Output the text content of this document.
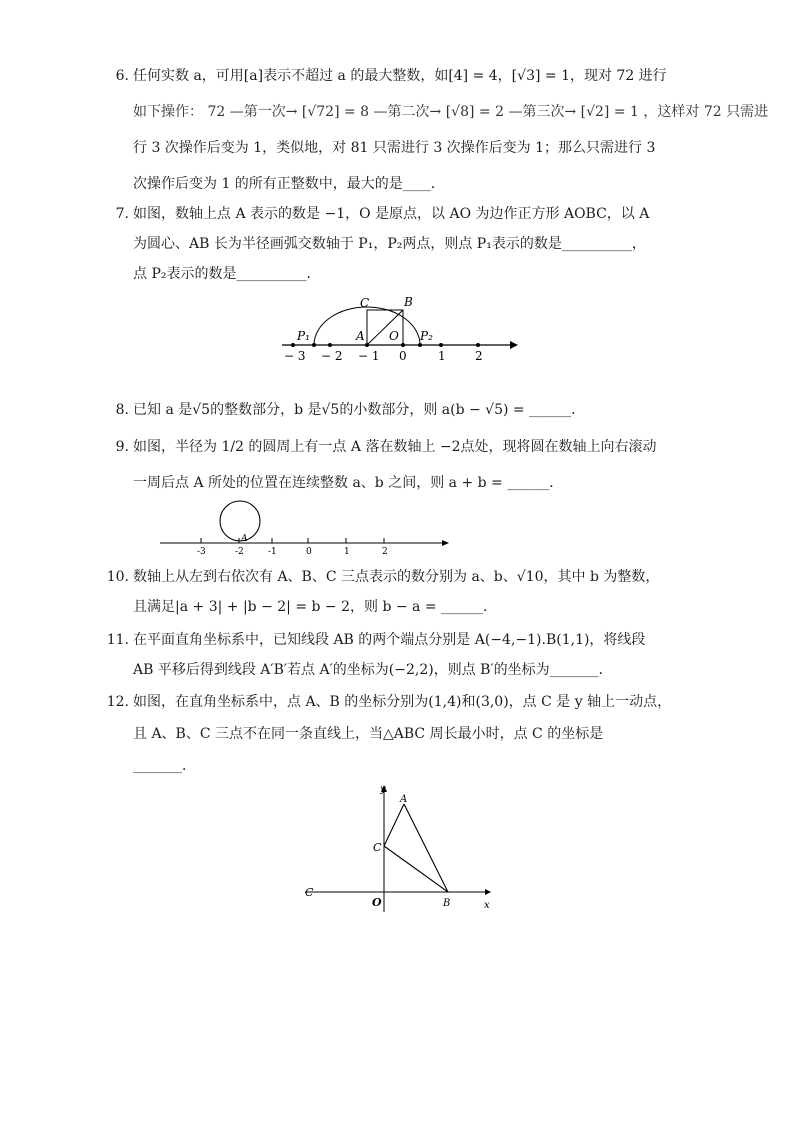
6. 任何实数 a，可用[a]表示不超过 a 的最大整数，如[4] = 4，[√3] = 1，现对 72 进行
如下操作： 72 —第一次→ [√72] = 8 —第二次→ [√8] = 2 —第三次→ [√2] = 1 ，这样对 72 只需进
行 3 次操作后变为 1，类似地，对 81 只需进行 3 次操作后变为 1；那么只需进行 3
次操作后变为 1 的所有正整数中，最大的是____．
7. 如图，数轴上点 A 表示的数是 −1，O 是原点，以 AO 为边作正方形 AOBC，以 A
为圆心、AB 长为半径画弧交数轴于 P₁，P₂两点，则点 P₁表示的数是__________，
点 P₂表示的数是__________．
− 3 − 2 − 1 0	1 2
P₁	A O P₂
C	B
8. 已知 a 是√5的整数部分，b 是√5的小数部分，则 a(b − √5) = ______．
9. 如图，半径为 1/2 的圆周上有一点 A 落在数轴上 −2点处，现将圆在数轴上向右滚动
一周后点 A 所处的位置在连续整数 a、b 之间，则 a + b = ______．
-3	-2	-1	0	1	2
A
10. 数轴上从左到右依次有 A、B、C 三点表示的数分别为 a、b、√10，其中 b 为整数，
且满足|a + 3| + |b − 2| = b − 2，则 b − a = ______．
11. 在平面直角坐标系中，已知线段 AB 的两个端点分别是 A(−4,−1).B(1,1)，将线段
AB 平移后得到线段 A′B′若点 A′的坐标为(−2,2)，则点 B′的坐标为_______．
12. 如图，在直角坐标系中，点 A、B 的坐标分别为(1,4)和(3,0)，点 C 是 y 轴上一动点，
且 A、B、C 三点不在同一条直线上，当△ABC 周长最小时，点 C 的坐标是
_______．
y
A
C
O	B	x
C
